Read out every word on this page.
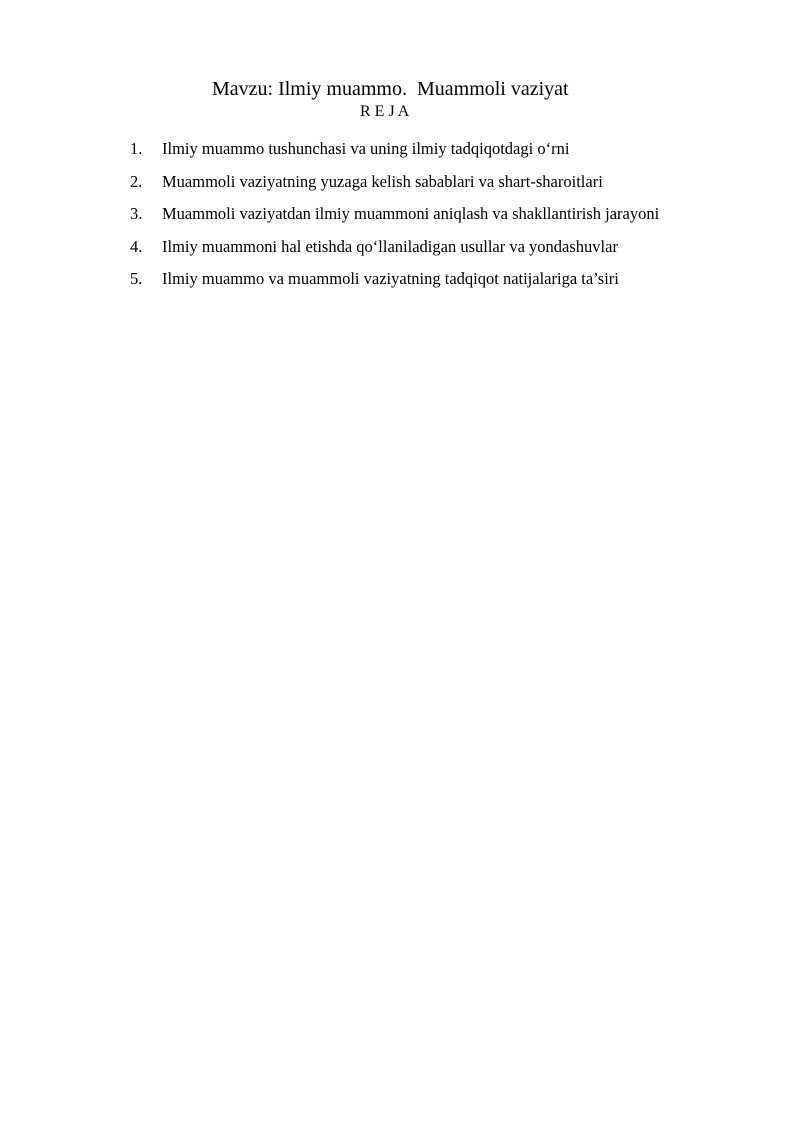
Mavzu: Ilmiy muammo.  Muammoli vaziyat
R E J A
1.	Ilmiy muammo tushunchasi va uning ilmiy tadqiqotdagi o‘rni
2.	Muammoli vaziyatning yuzaga kelish sabablari va shart-sharoitlari
3.	Muammoli vaziyatdan ilmiy muammoni aniqlash va shakllantirish jarayoni
4.	Ilmiy muammoni hal etishda qo‘llaniladigan usullar va yondashuvlar
5.	Ilmiy muammo va muammoli vaziyatning tadqiqot natijalariga ta’siri
